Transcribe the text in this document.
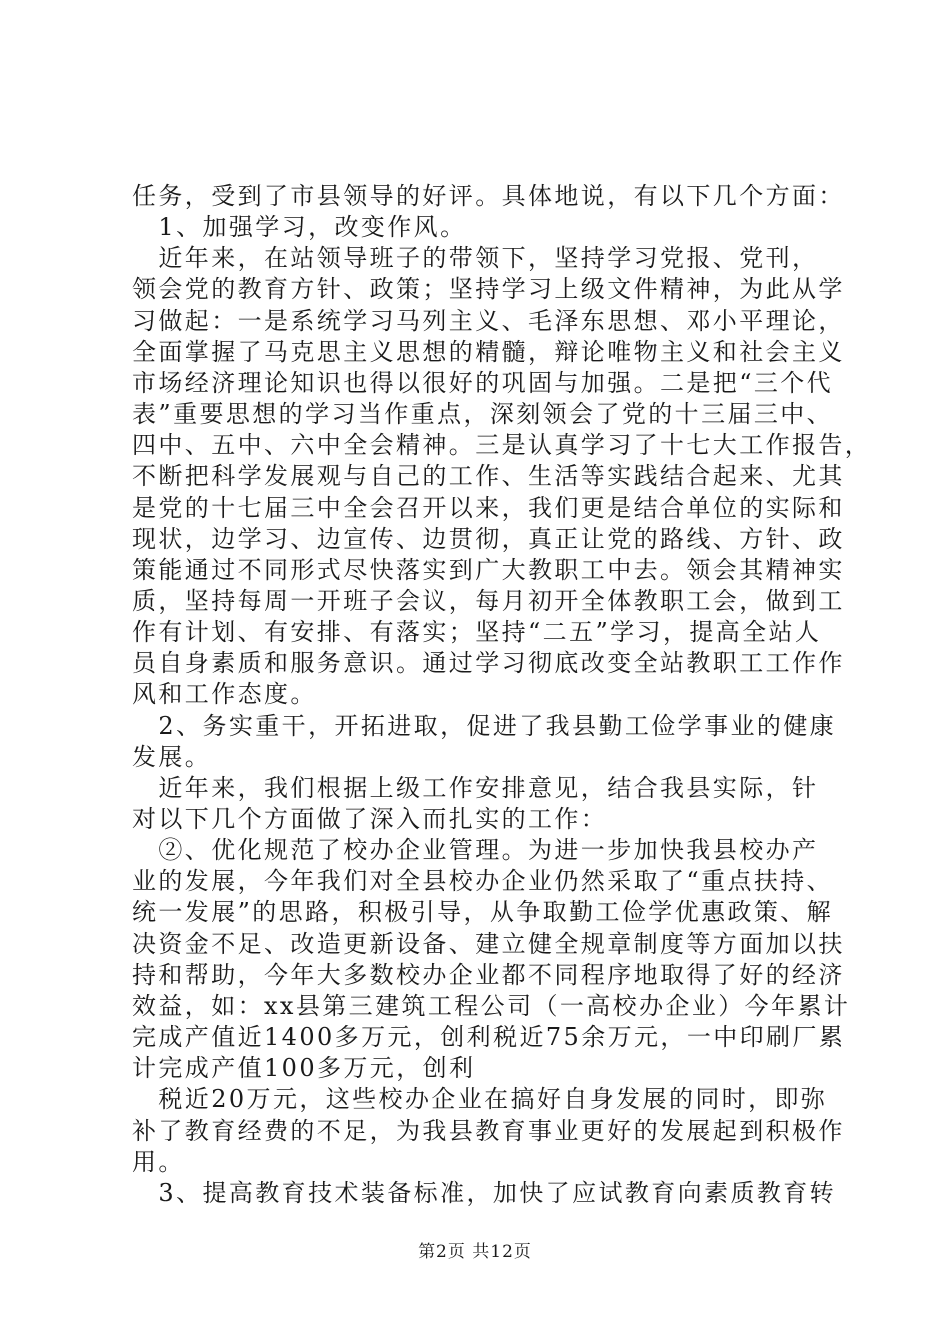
任务，受到了市县领导的好评。具体地说，有以下几个方面：
　1、加强学习，改变作风。
　近年来，在站领导班子的带领下，坚持学习党报、党刊，
领会党的教育方针、政策；坚持学习上级文件精神，为此从学
习做起：一是系统学习马列主义、毛泽东思想、邓小平理论，
全面掌握了马克思主义思想的精髓，辩论唯物主义和社会主义
市场经济理论知识也得以很好的巩固与加强。二是把“三个代
表”重要思想的学习当作重点，深刻领会了党的十三届三中、
四中、五中、六中全会精神。三是认真学习了十七大工作报告，
不断把科学发展观与自己的工作、生活等实践结合起来、尤其
是党的十七届三中全会召开以来，我们更是结合单位的实际和
现状，边学习、边宣传、边贯彻，真正让党的路线、方针、政
策能通过不同形式尽快落实到广大教职工中去。领会其精神实
质，坚持每周一开班子会议，每月初开全体教职工会，做到工
作有计划、有安排、有落实；坚持“二五”学习，提高全站人
员自身素质和服务意识。通过学习彻底改变全站教职工工作作
风和工作态度。
　2、务实重干，开拓进取，促进了我县勤工俭学事业的健康
发展。
　近年来，我们根据上级工作安排意见，结合我县实际，针
对以下几个方面做了深入而扎实的工作：
　②、优化规范了校办企业管理。为进一步加快我县校办产
业的发展，今年我们对全县校办企业仍然采取了“重点扶持、
统一发展”的思路，积极引导，从争取勤工俭学优惠政策、解
决资金不足、改造更新设备、建立健全规章制度等方面加以扶
持和帮助，今年大多数校办企业都不同程序地取得了好的经济
效益，如：xx县第三建筑工程公司（一高校办企业）今年累计
完成产值近1400多万元，创利税近75余万元，一中印刷厂累
计完成产值100多万元，创利
　税近20万元，这些校办企业在搞好自身发展的同时，即弥
补了教育经费的不足，为我县教育事业更好的发展起到积极作
用。
　3、提高教育技术装备标准，加快了应试教育向素质教育转
第2页 共12页
